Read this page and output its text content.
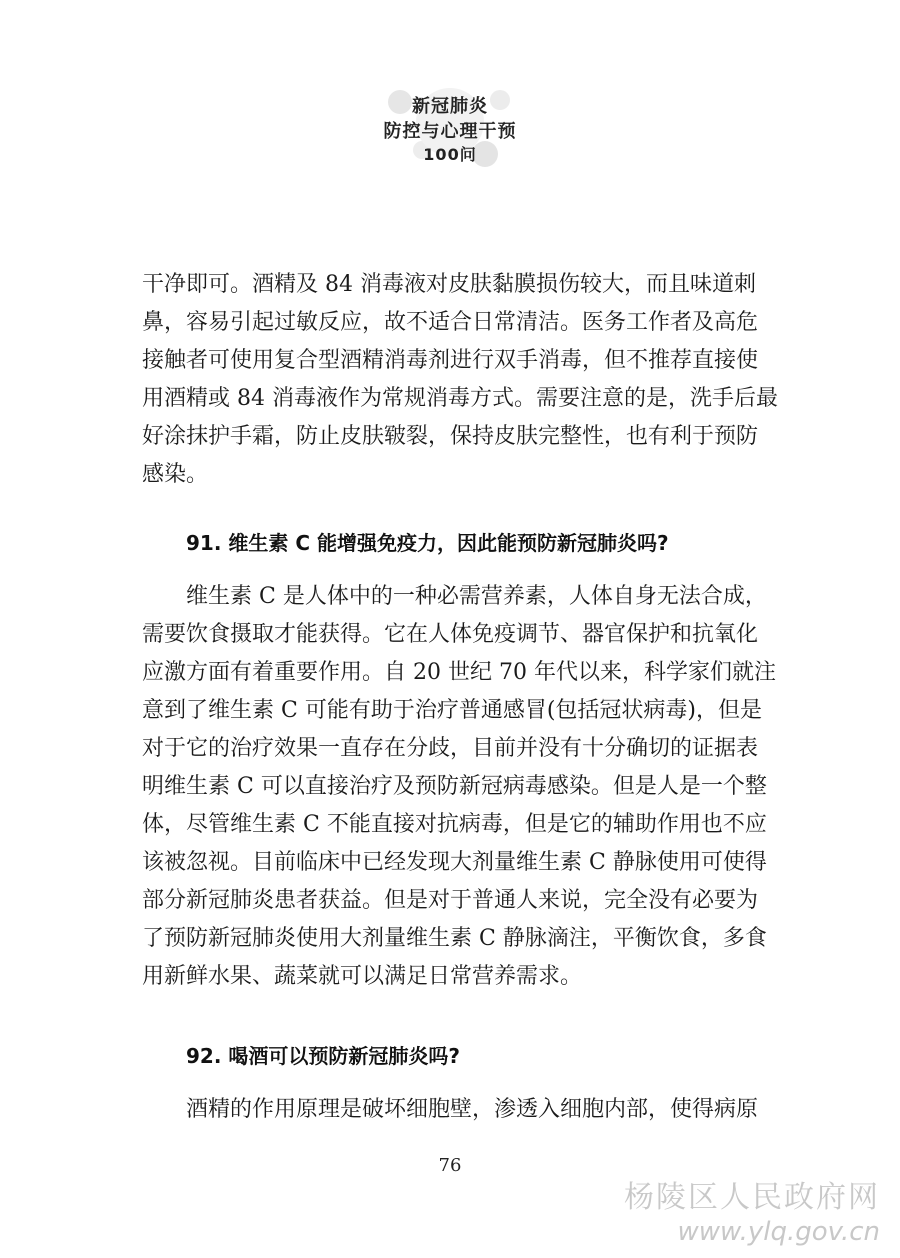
新冠肺炎
防控与心理干预
100问
干净即可。酒精及 84 消毒液对皮肤黏膜损伤较大，而且味道刺
鼻，容易引起过敏反应，故不适合日常清洁。医务工作者及高危
接触者可使用复合型酒精消毒剂进行双手消毒，但不推荐直接使
用酒精或 84 消毒液作为常规消毒方式。需要注意的是，洗手后最
好涂抹护手霜，防止皮肤皲裂，保持皮肤完整性，也有利于预防
感染。
91. 维生素 C 能增强免疫力，因此能预防新冠肺炎吗?
维生素 C 是人体中的一种必需营养素，人体自身无法合成，
需要饮食摄取才能获得。它在人体免疫调节、器官保护和抗氧化
应激方面有着重要作用。自 20 世纪 70 年代以来，科学家们就注
意到了维生素 C 可能有助于治疗普通感冒(包括冠状病毒)，但是
对于它的治疗效果一直存在分歧，目前并没有十分确切的证据表
明维生素 C 可以直接治疗及预防新冠病毒感染。但是人是一个整
体，尽管维生素 C 不能直接对抗病毒，但是它的辅助作用也不应
该被忽视。目前临床中已经发现大剂量维生素 C 静脉使用可使得
部分新冠肺炎患者获益。但是对于普通人来说，完全没有必要为
了预防新冠肺炎使用大剂量维生素 C 静脉滴注，平衡饮食，多食
用新鲜水果、蔬菜就可以满足日常营养需求。
92. 喝酒可以预防新冠肺炎吗?
酒精的作用原理是破坏细胞壁，渗透入细胞内部，使得病原
76
杨陵区人民政府网
www.ylq.gov.cn
